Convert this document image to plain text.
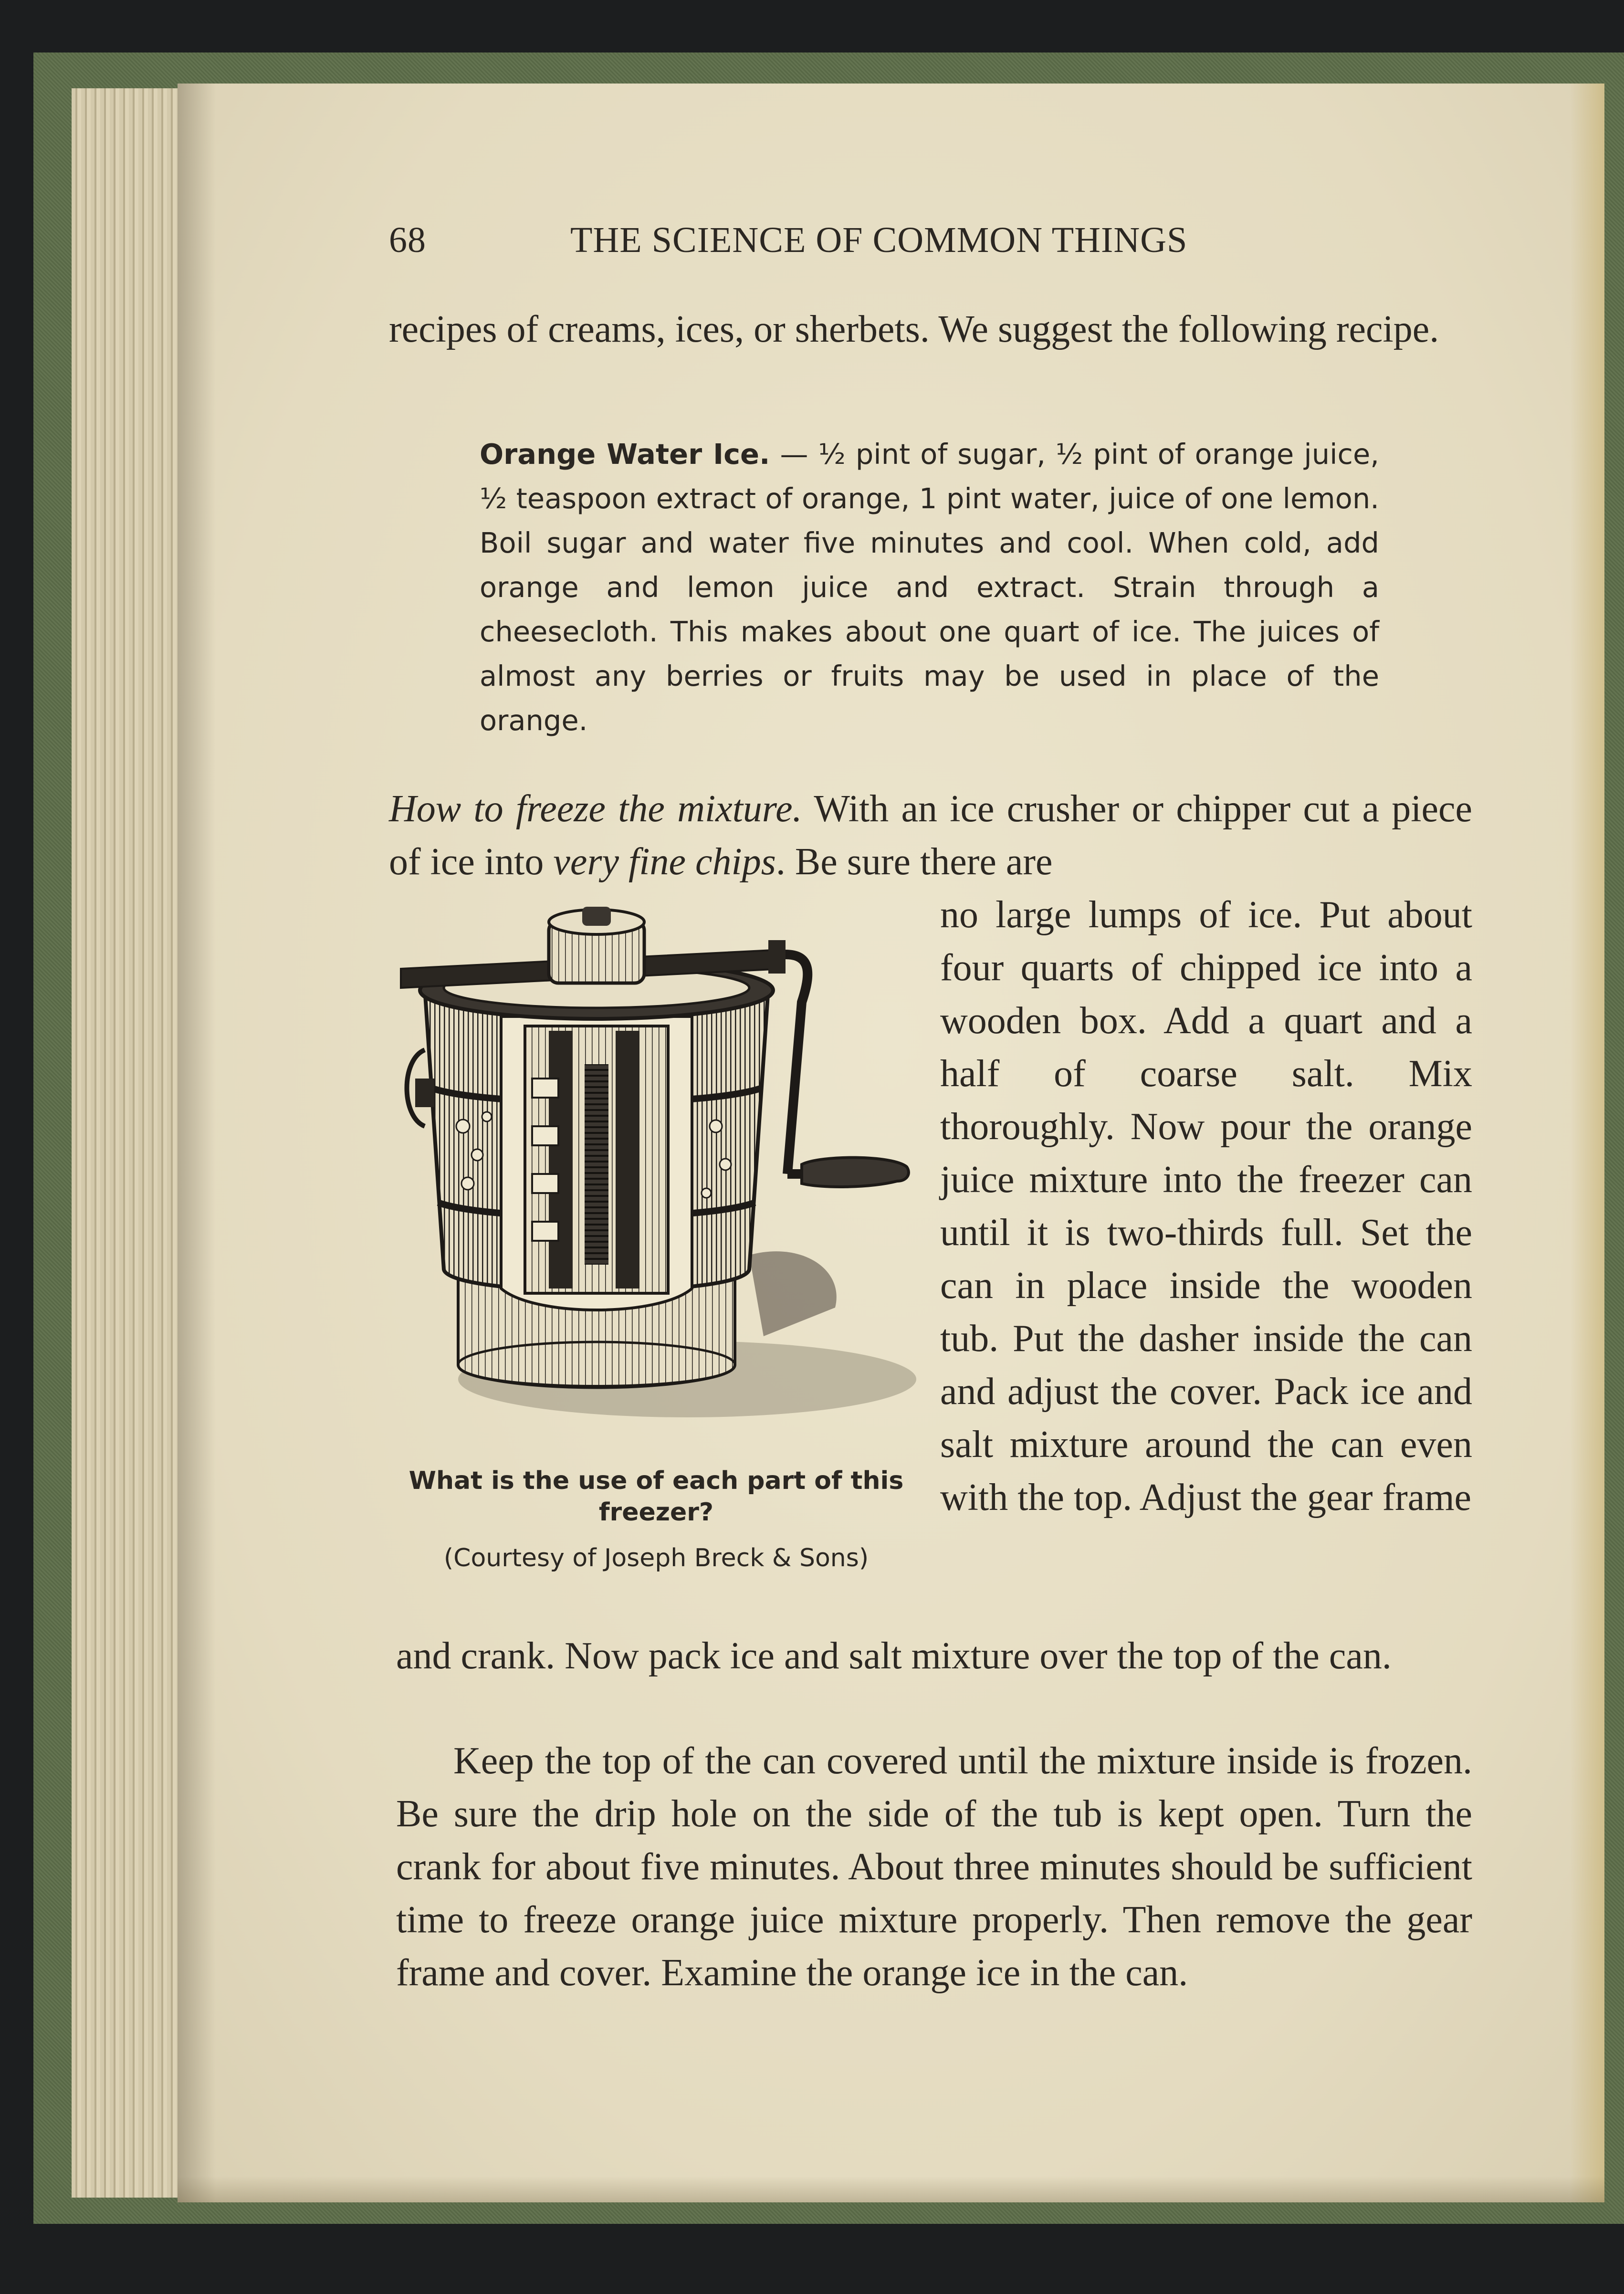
68	THE SCIENCE OF COMMON THINGS
recipes of creams, ices, or sherbets. We suggest the following recipe.
Orange Water Ice. — ½ pint of sugar, ½ pint of orange juice, ½ teaspoon extract of orange, 1 pint water, juice of one lemon. Boil sugar and water five minutes and cool. When cold, add orange and lemon juice and extract. Strain through a cheesecloth. This makes about one quart of ice. The juices of almost any berries or fruits may be used in place of the orange.
How to freeze the mixture. With an ice crusher or chipper cut a piece of ice into very fine chips. Be sure there are
no large lumps of ice. Put about four quarts of chipped ice into a wooden box. Add a quart and a half of coarse salt. Mix thoroughly. Now pour the orange juice mixture into the freezer can until it is two-thirds full. Set the can in place inside the wooden tub. Put the dasher inside the can and adjust the cover. Pack ice and salt mixture around the can even with the top. Adjust the gear frame
and crank. Now pack ice and salt mixture over the top of the can.
What is the use of each part of this freezer?
(Courtesy of Joseph Breck & Sons)
Keep the top of the can covered until the mixture inside is frozen. Be sure the drip hole on the side of the tub is kept open. Turn the crank for about five minutes. About three minutes should be sufficient time to freeze orange juice mixture properly. Then remove the gear frame and cover. Examine the orange ice in the can.
